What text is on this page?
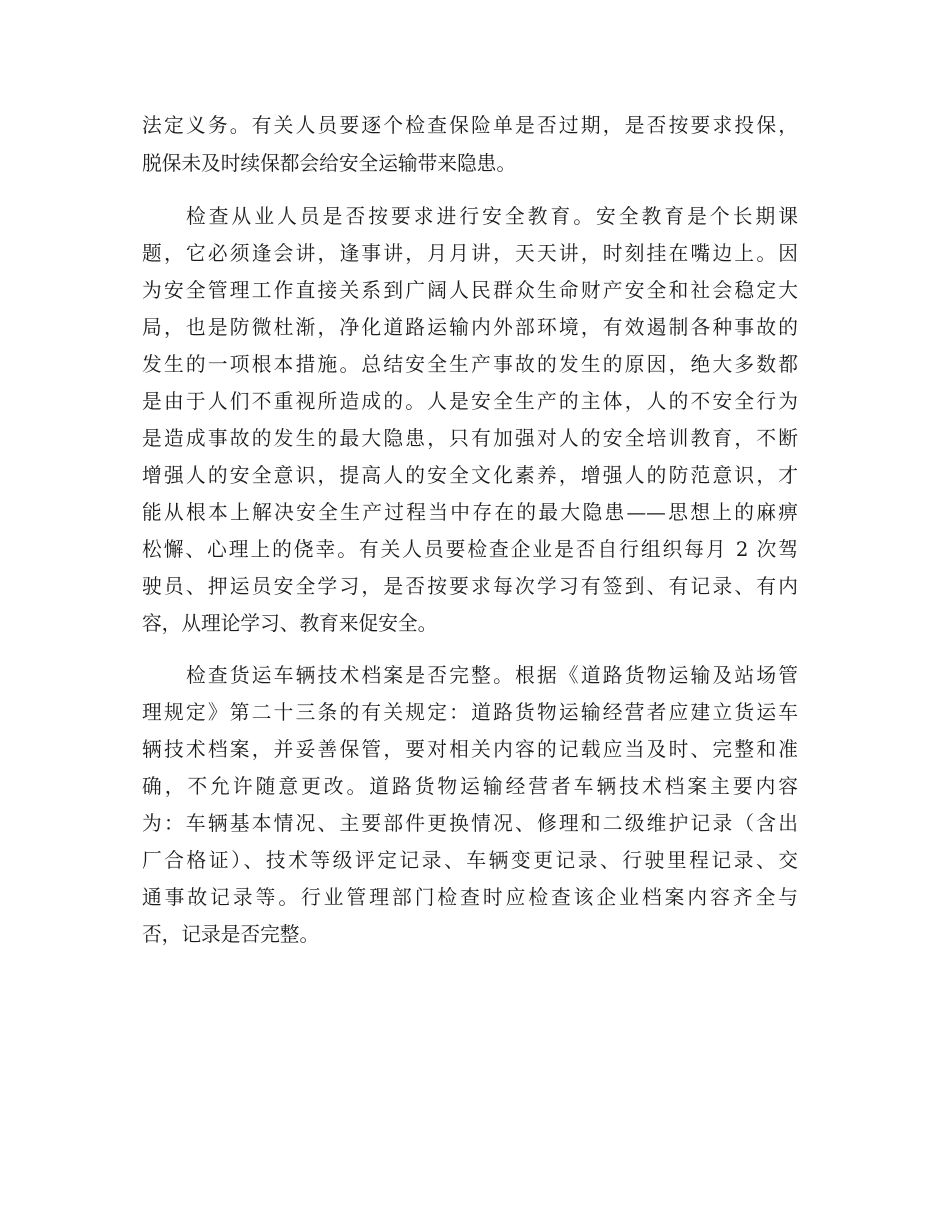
法定义务。有关人员要逐个检查保险单是否过期，是否按要求投保，
脱保未及时续保都会给安全运输带来隐患。
检查从业人员是否按要求进行安全教育。安全教育是个长期课
题，它必须逢会讲，逢事讲，月月讲，天天讲，时刻挂在嘴边上。因
为安全管理工作直接关系到广阔人民群众生命财产安全和社会稳定大
局，也是防微杜渐，净化道路运输内外部环境，有效遏制各种事故的
发生的一项根本措施。总结安全生产事故的发生的原因，绝大多数都
是由于人们不重视所造成的。人是安全生产的主体，人的不安全行为
是造成事故的发生的最大隐患，只有加强对人的安全培训教育，不断
增强人的安全意识，提高人的安全文化素养，增强人的防范意识，才
能从根本上解决安全生产过程当中存在的最大隐患——思想上的麻痹
松懈、心理上的侥幸。有关人员要检查企业是否自行组织每月 2 次驾
驶员、押运员安全学习，是否按要求每次学习有签到、有记录、有内
容，从理论学习、教育来促安全。
检查货运车辆技术档案是否完整。根据《道路货物运输及站场管
理规定》第二十三条的有关规定：道路货物运输经营者应建立货运车
辆技术档案，并妥善保管，要对相关内容的记载应当及时、完整和准
确，不允许随意更改。道路货物运输经营者车辆技术档案主要内容
为：车辆基本情况、主要部件更换情况、修理和二级维护记录（含出
厂合格证）、技术等级评定记录、车辆变更记录、行驶里程记录、交
通事故记录等。行业管理部门检查时应检查该企业档案内容齐全与
否，记录是否完整。
